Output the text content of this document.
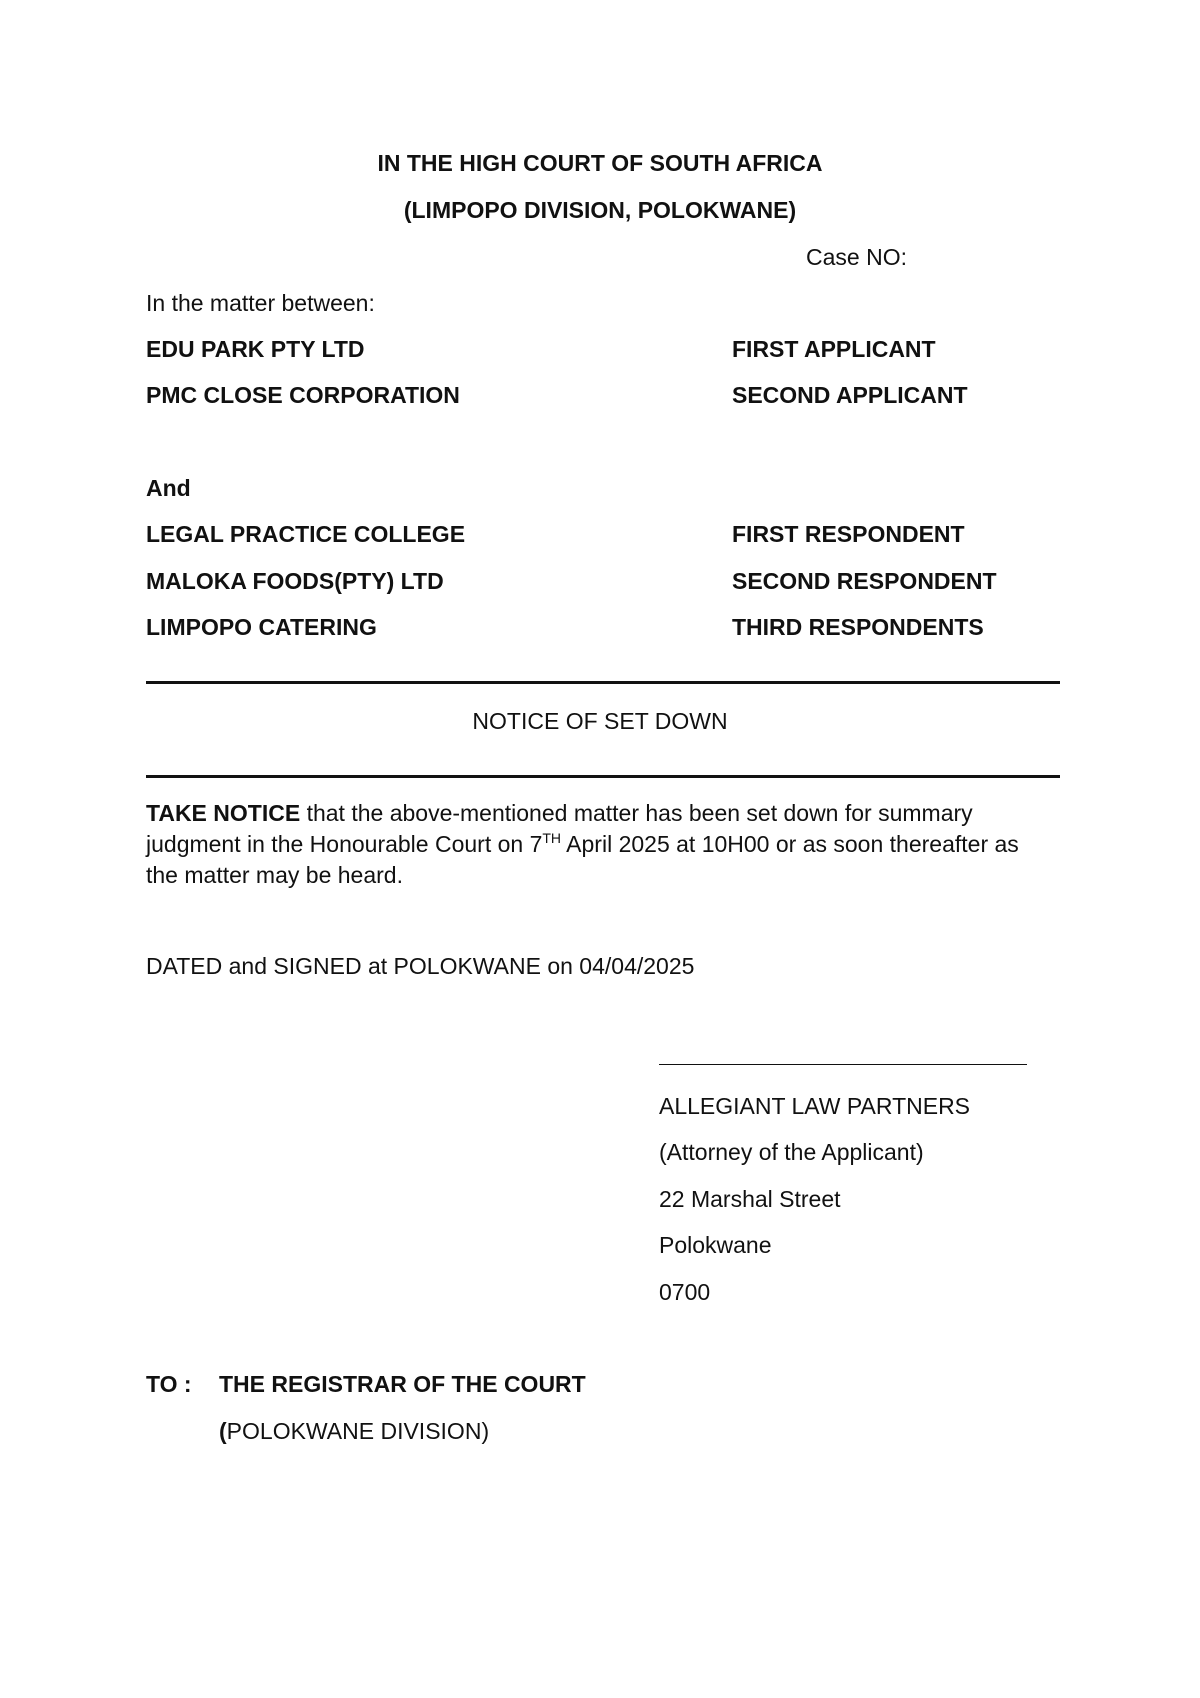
IN THE HIGH COURT OF SOUTH AFRICA
(LIMPOPO DIVISION, POLOKWANE)
Case NO:
In the matter between:
EDU PARK PTY LTD	FIRST APPLICANT
PMC CLOSE CORPORATION	SECOND APPLICANT
And
LEGAL PRACTICE COLLEGE	FIRST RESPONDENT
MALOKA FOODS(PTY) LTD	SECOND RESPONDENT
LIMPOPO CATERING	THIRD RESPONDENTS
NOTICE OF SET DOWN
TAKE NOTICE that the above-mentioned matter has been set down for summary judgment in the Honourable Court on 7TH April 2025 at 10H00 or as soon thereafter as the matter may be heard.
DATED and SIGNED at POLOKWANE on 04/04/2025
ALLEGIANT LAW PARTNERS
(Attorney of the Applicant)
22 Marshal Street
Polokwane
0700
TO : THE REGISTRAR OF THE COURT
(POLOKWANE DIVISION)
